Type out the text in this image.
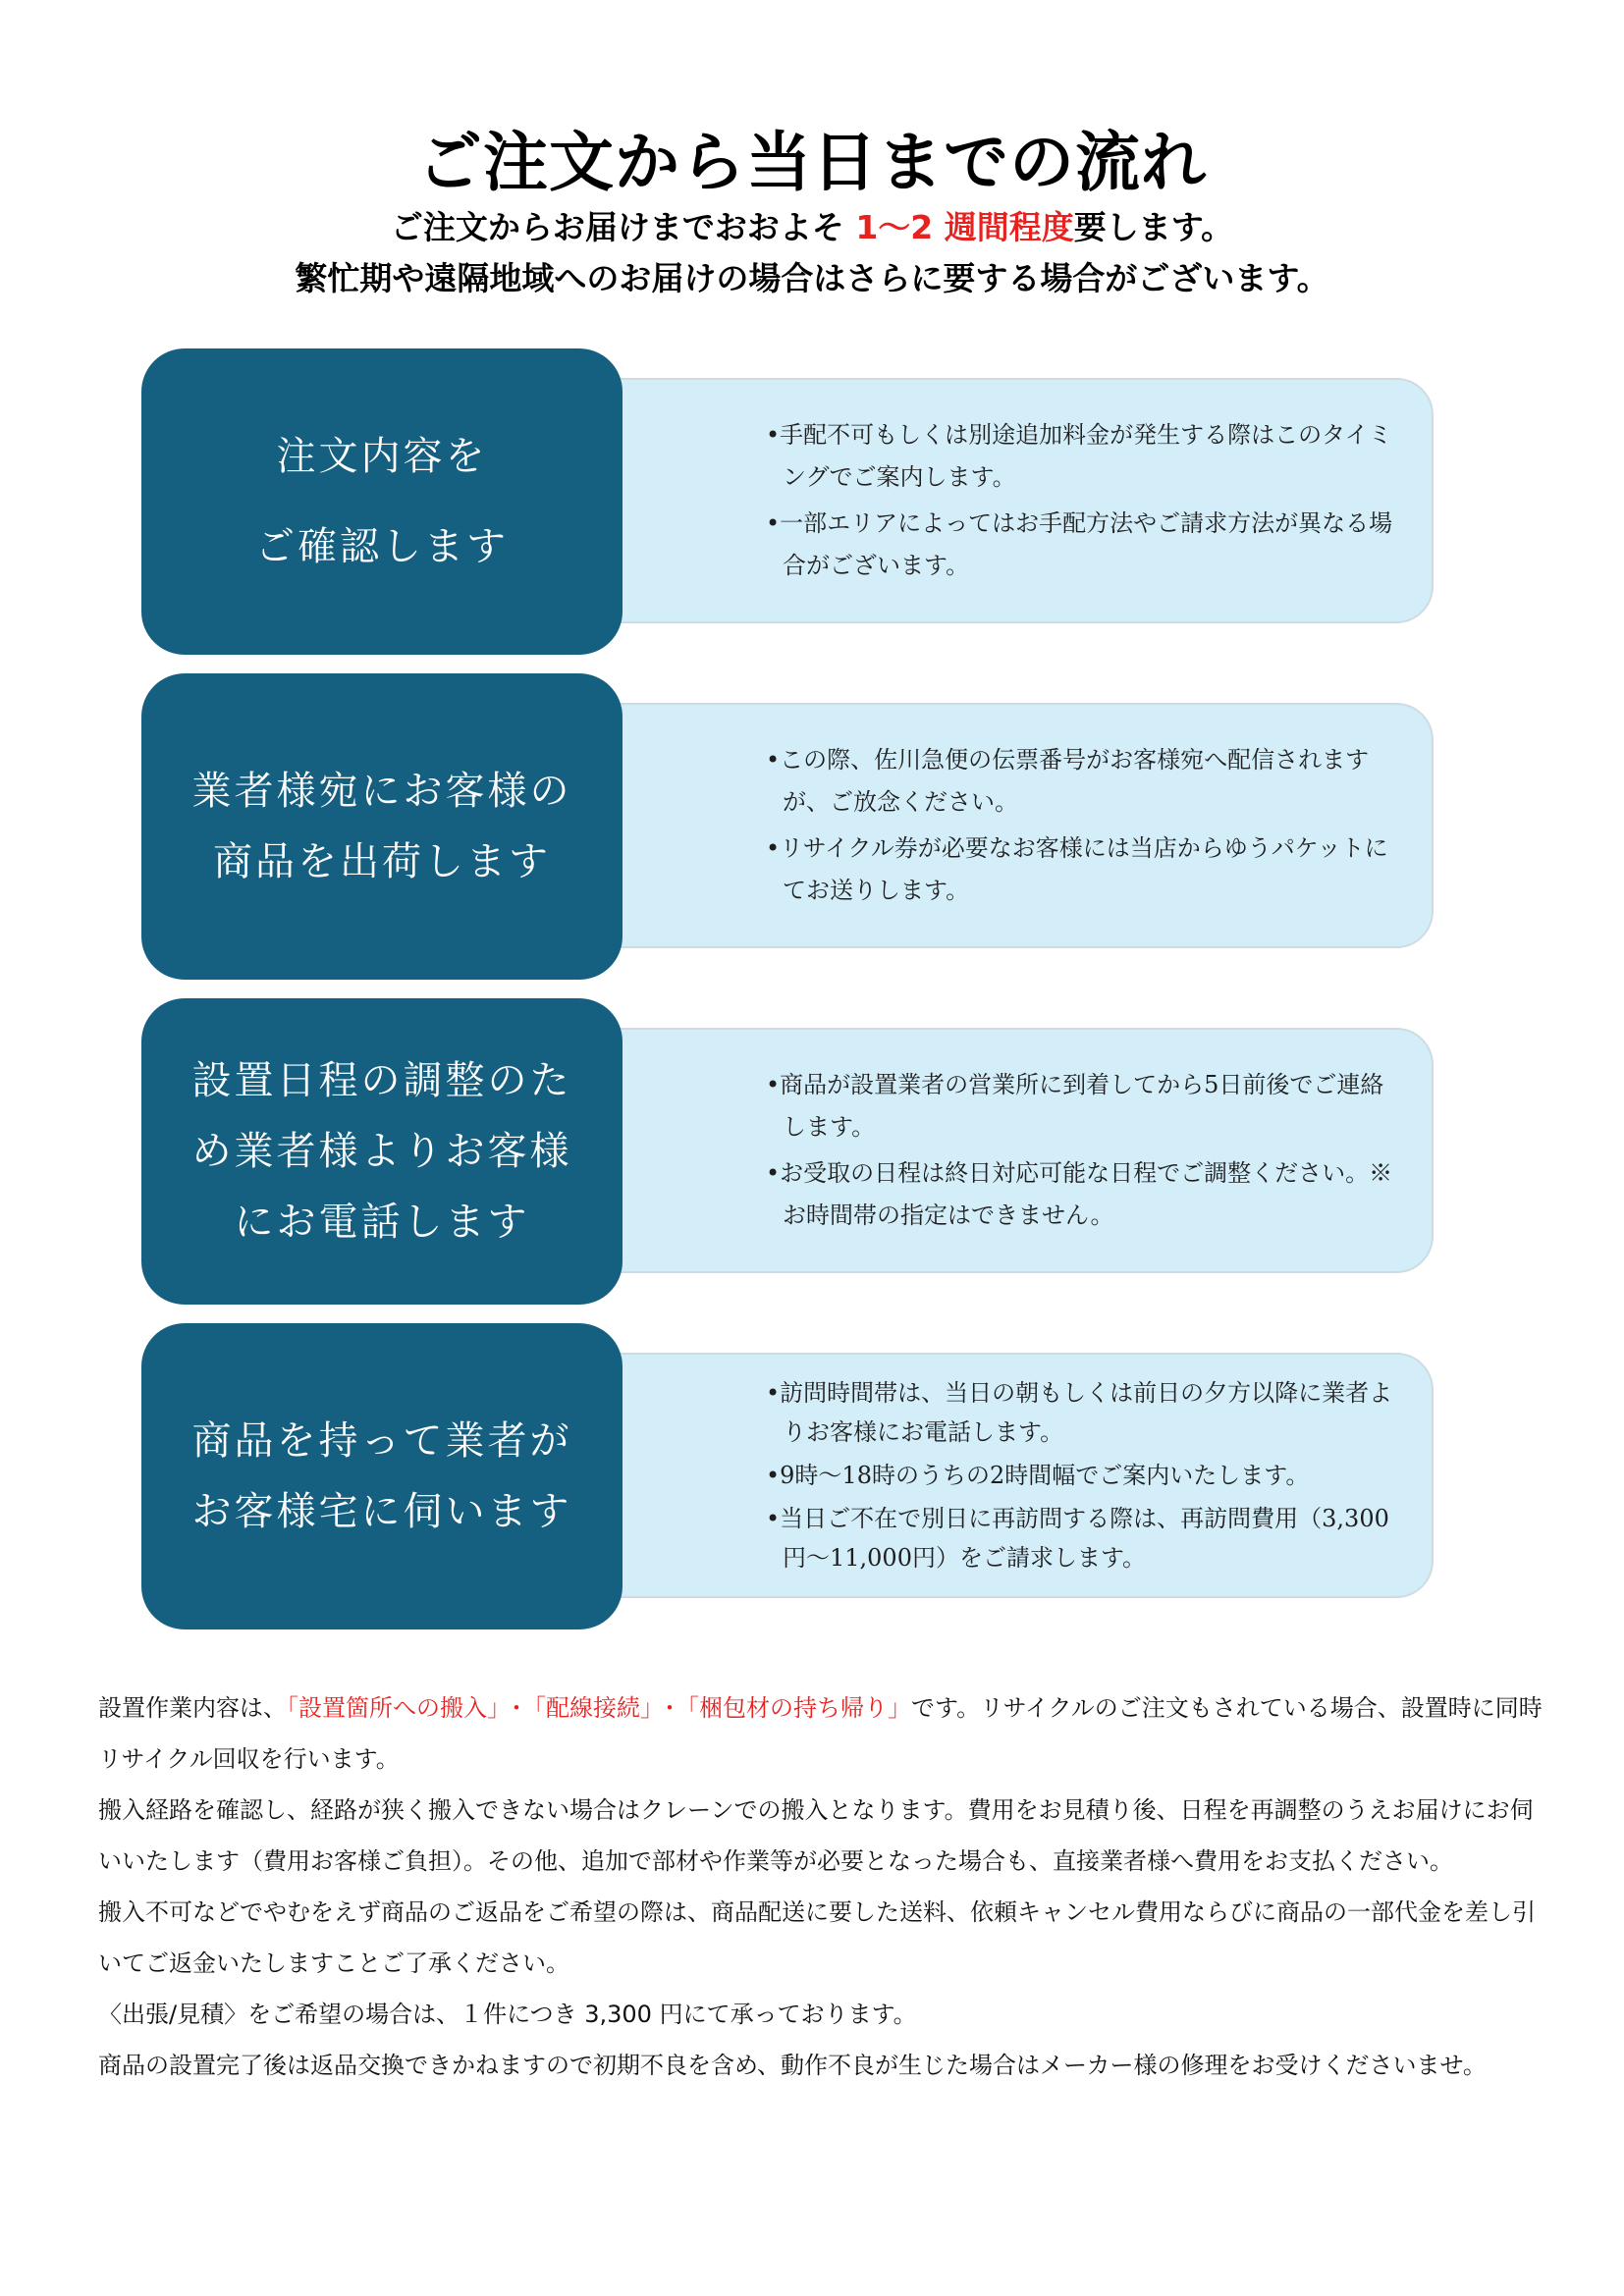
ご注文から当日までの流れ
ご注文からお届けまでおおよそ 1～2 週間程度要します。
繁忙期や遠隔地域へのお届けの場合はさらに要する場合がございます。
•手配不可もしくは別途追加料金が発生する際はこのタイミングでご案内します。
•一部エリアによってはお手配方法やご請求方法が異なる場合がございます。
注文内容を
ご確認します
•この際、佐川急便の伝票番号がお客様宛へ配信されますが、ご放念ください。
•リサイクル券が必要なお客様には当店からゆうパケットにてお送りします。
業者様宛にお客様の
商品を出荷します
•商品が設置業者の営業所に到着してから5日前後でご連絡します。
•お受取の日程は終日対応可能な日程でご調整ください。※お時間帯の指定はできません。
設置日程の調整のた
め業者様よりお客様
にお電話します
•訪問時間帯は、当日の朝もしくは前日の夕方以降に業者よりお客様にお電話します。
•9時～18時のうちの2時間幅でご案内いたします。
•当日ご不在で別日に再訪問する際は、再訪問費用（3,300円～11,000円）をご請求します。
商品を持って業者が
お客様宅に伺います

設置作業内容は、「設置箇所への搬入」･「配線接続」･「梱包材の持ち帰り」です。リサイクルのご注文もされている場合、設置時に同時リサイクル回収を行います。

搬入経路を確認し、経路が狭く搬入できない場合はクレーンでの搬入となります。費用をお見積り後、日程を再調整のうえお届けにお伺いいたします（費用お客様ご負担）。その他、追加で部材や作業等が必要となった場合も、直接業者様へ費用をお支払ください。

搬入不可などでやむをえず商品のご返品をご希望の際は、商品配送に要した送料、依頼キャンセル費用ならびに商品の一部代金を差し引いてご返金いたしますことご了承ください。

〈出張/見積〉をご希望の場合は、１件につき 3,300 円にて承っております。

商品の設置完了後は返品交換できかねますので初期不良を含め、動作不良が生じた場合はメーカー様の修理をお受けくださいませ。
